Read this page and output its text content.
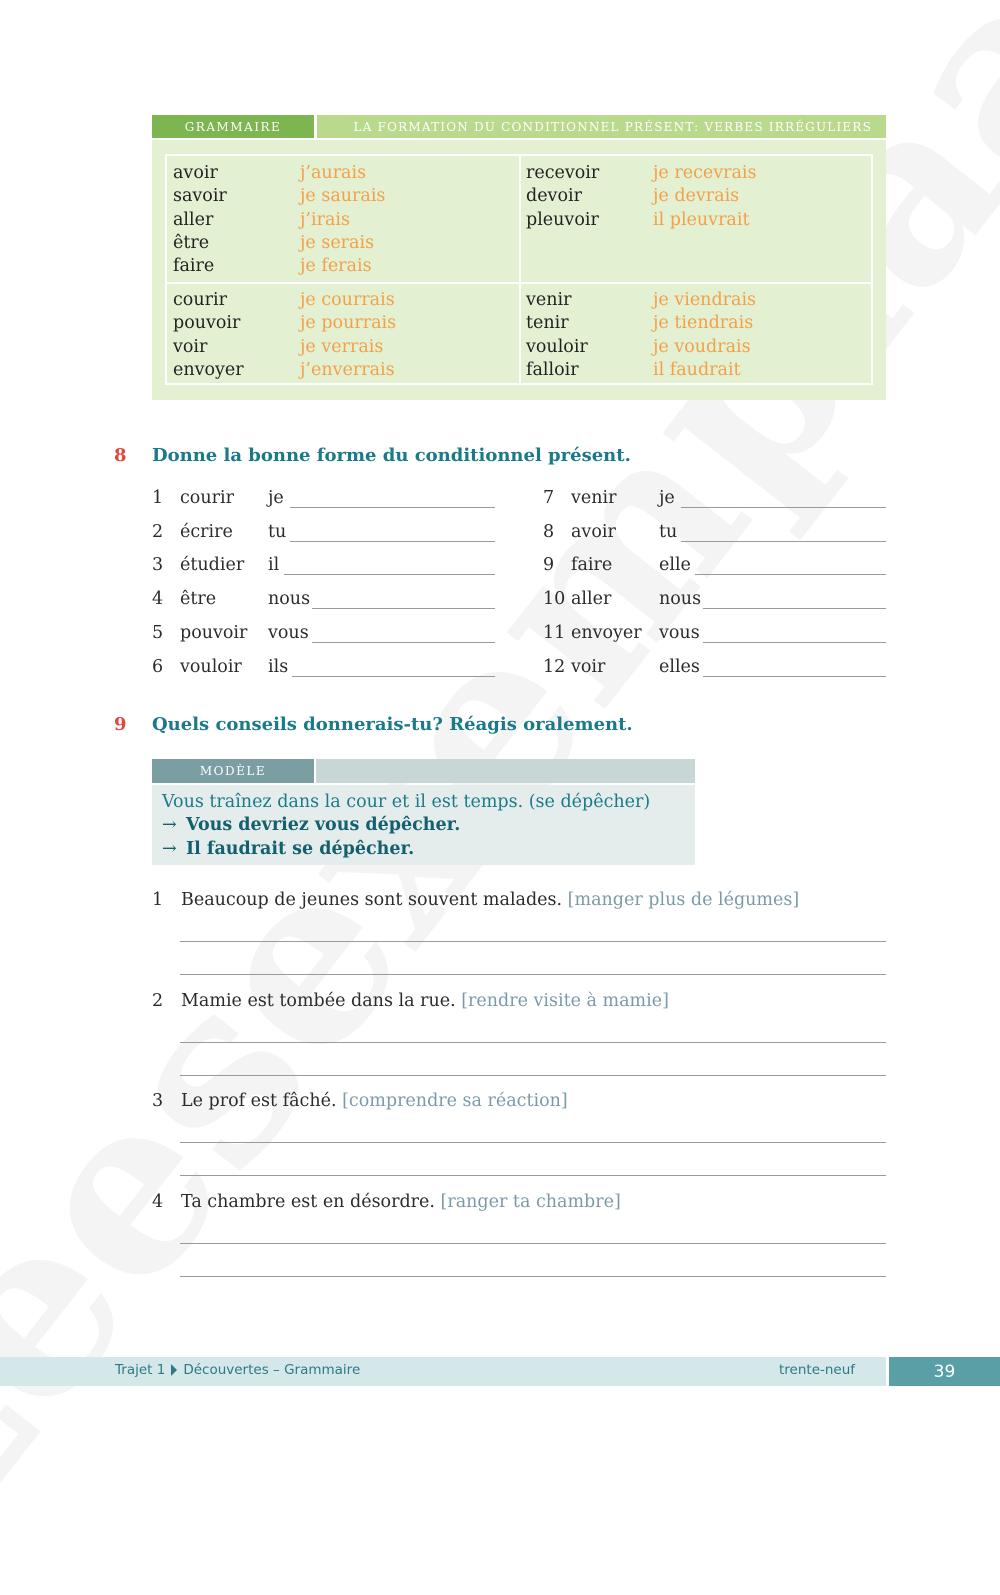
GRAMMAIRE	LA FORMATION DU CONDITIONNEL PRÉSENT: VERBES IRRÉGULIERS
avoir	j’aurais
savoir	je saurais
aller	j’irais
être	je serais
faire	je ferais
recevoir	je recevrais
devoir	je devrais
pleuvoir	il pleuvrait
courir	je courrais
pouvoir	je pourrais
voir	je verrais
envoyer	j’enverrais
venir	je viendrais
tenir	je tiendrais
vouloir	je voudrais
falloir	il faudrait
8 Donne la bonne forme du conditionnel présent.
1 courir je
2 écrire tu
3 étudier il
4 être	nous
5 pouvoir vous
6 vouloir ils
7 venir je
8 avoir tu
9 faire	elle
10 aller	nous
11 envoyer vous
12 voir	elles
9 Quels conseils donnerais-tu? Réagis oralement.
MODÈLE
Vous traînez dans la cour et il est temps. (se dépêcher)
→ Vous devriez vous dépêcher.
→ Il faudrait se dépêcher.
1 Beaucoup de jeunes sont souvent malades. [manger plus de légumes]
2 Mamie est tombée dans la rue. [rendre visite à mamie]
3 Le prof est fâché. [comprendre sa réaction]
4 Ta chambre est en désordre. [ranger ta chambre]
Trajet 1 Découvertes – Grammaire	trente-neuf	39
